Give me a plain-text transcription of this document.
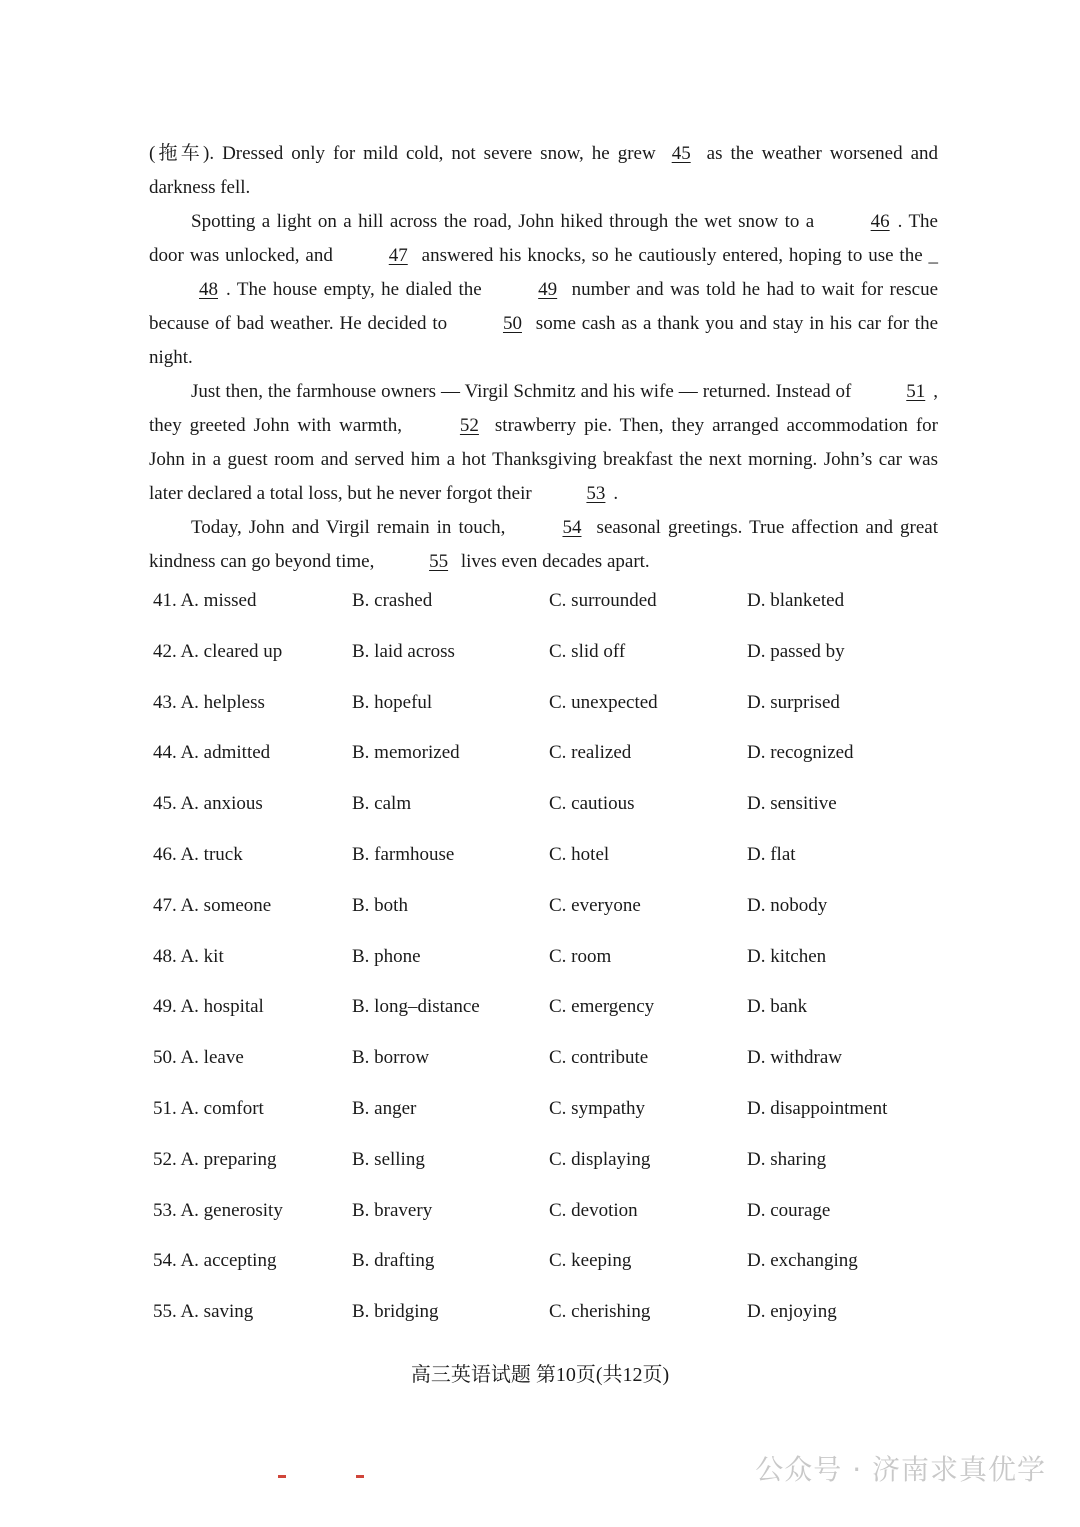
(拖车). Dressed only for mild cold, not severe snow, he grew 45 as the weather worsened and darkness fell.

Spotting a light on a hill across the road, John hiked through the wet snow to a	46 . The door was unlocked, and	47 answered his knocks, so he cautiously entered, hoping to use the _ 48 . The house empty, he dialed the	49 number and was told he had to wait for rescue because of bad weather. He decided to	50 some cash as a thank you and stay in his car for the night.

Just then, the farmhouse owners — Virgil Schmitz and his wife — returned. Instead of	51 , they greeted John with warmth,	52 strawberry pie. Then, they arranged accommodation for John in a guest room and served him a hot Thanksgiving breakfast the next morning. John’s car was later declared a total loss, but he never forgot their	53 .

Today, John and Virgil remain in touch,	54 seasonal greetings. True affection and great kindness can go beyond time,	55 lives even decades apart.

41. A. missed	B. crashed	C. surrounded	D. blanketed
42. A. cleared up	B. laid across	C. slid off	D. passed by
43. A. helpless	B. hopeful	C. unexpected	D. surprised
44. A. admitted	B. memorized	C. realized	D. recognized
45. A. anxious	B. calm	C. cautious	D. sensitive
46. A. truck	B. farmhouse	C. hotel	D. flat
47. A. someone	B. both	C. everyone	D. nobody
48. A. kit	B. phone	C. room	D. kitchen
49. A. hospital	B. long–distance	C. emergency	D. bank
50. A. leave	B. borrow	C. contribute	D. withdraw
51. A. comfort	B. anger	C. sympathy	D. disappointment
52. A. preparing	B. selling	C. displaying	D. sharing
53. A. generosity	B. bravery	C. devotion	D. courage
54. A. accepting	B. drafting	C. keeping	D. exchanging
55. A. saving	B. bridging	C. cherishing	D. enjoying
高三英语试题 第10页(共12页)
公众号 · 济南求真优学
